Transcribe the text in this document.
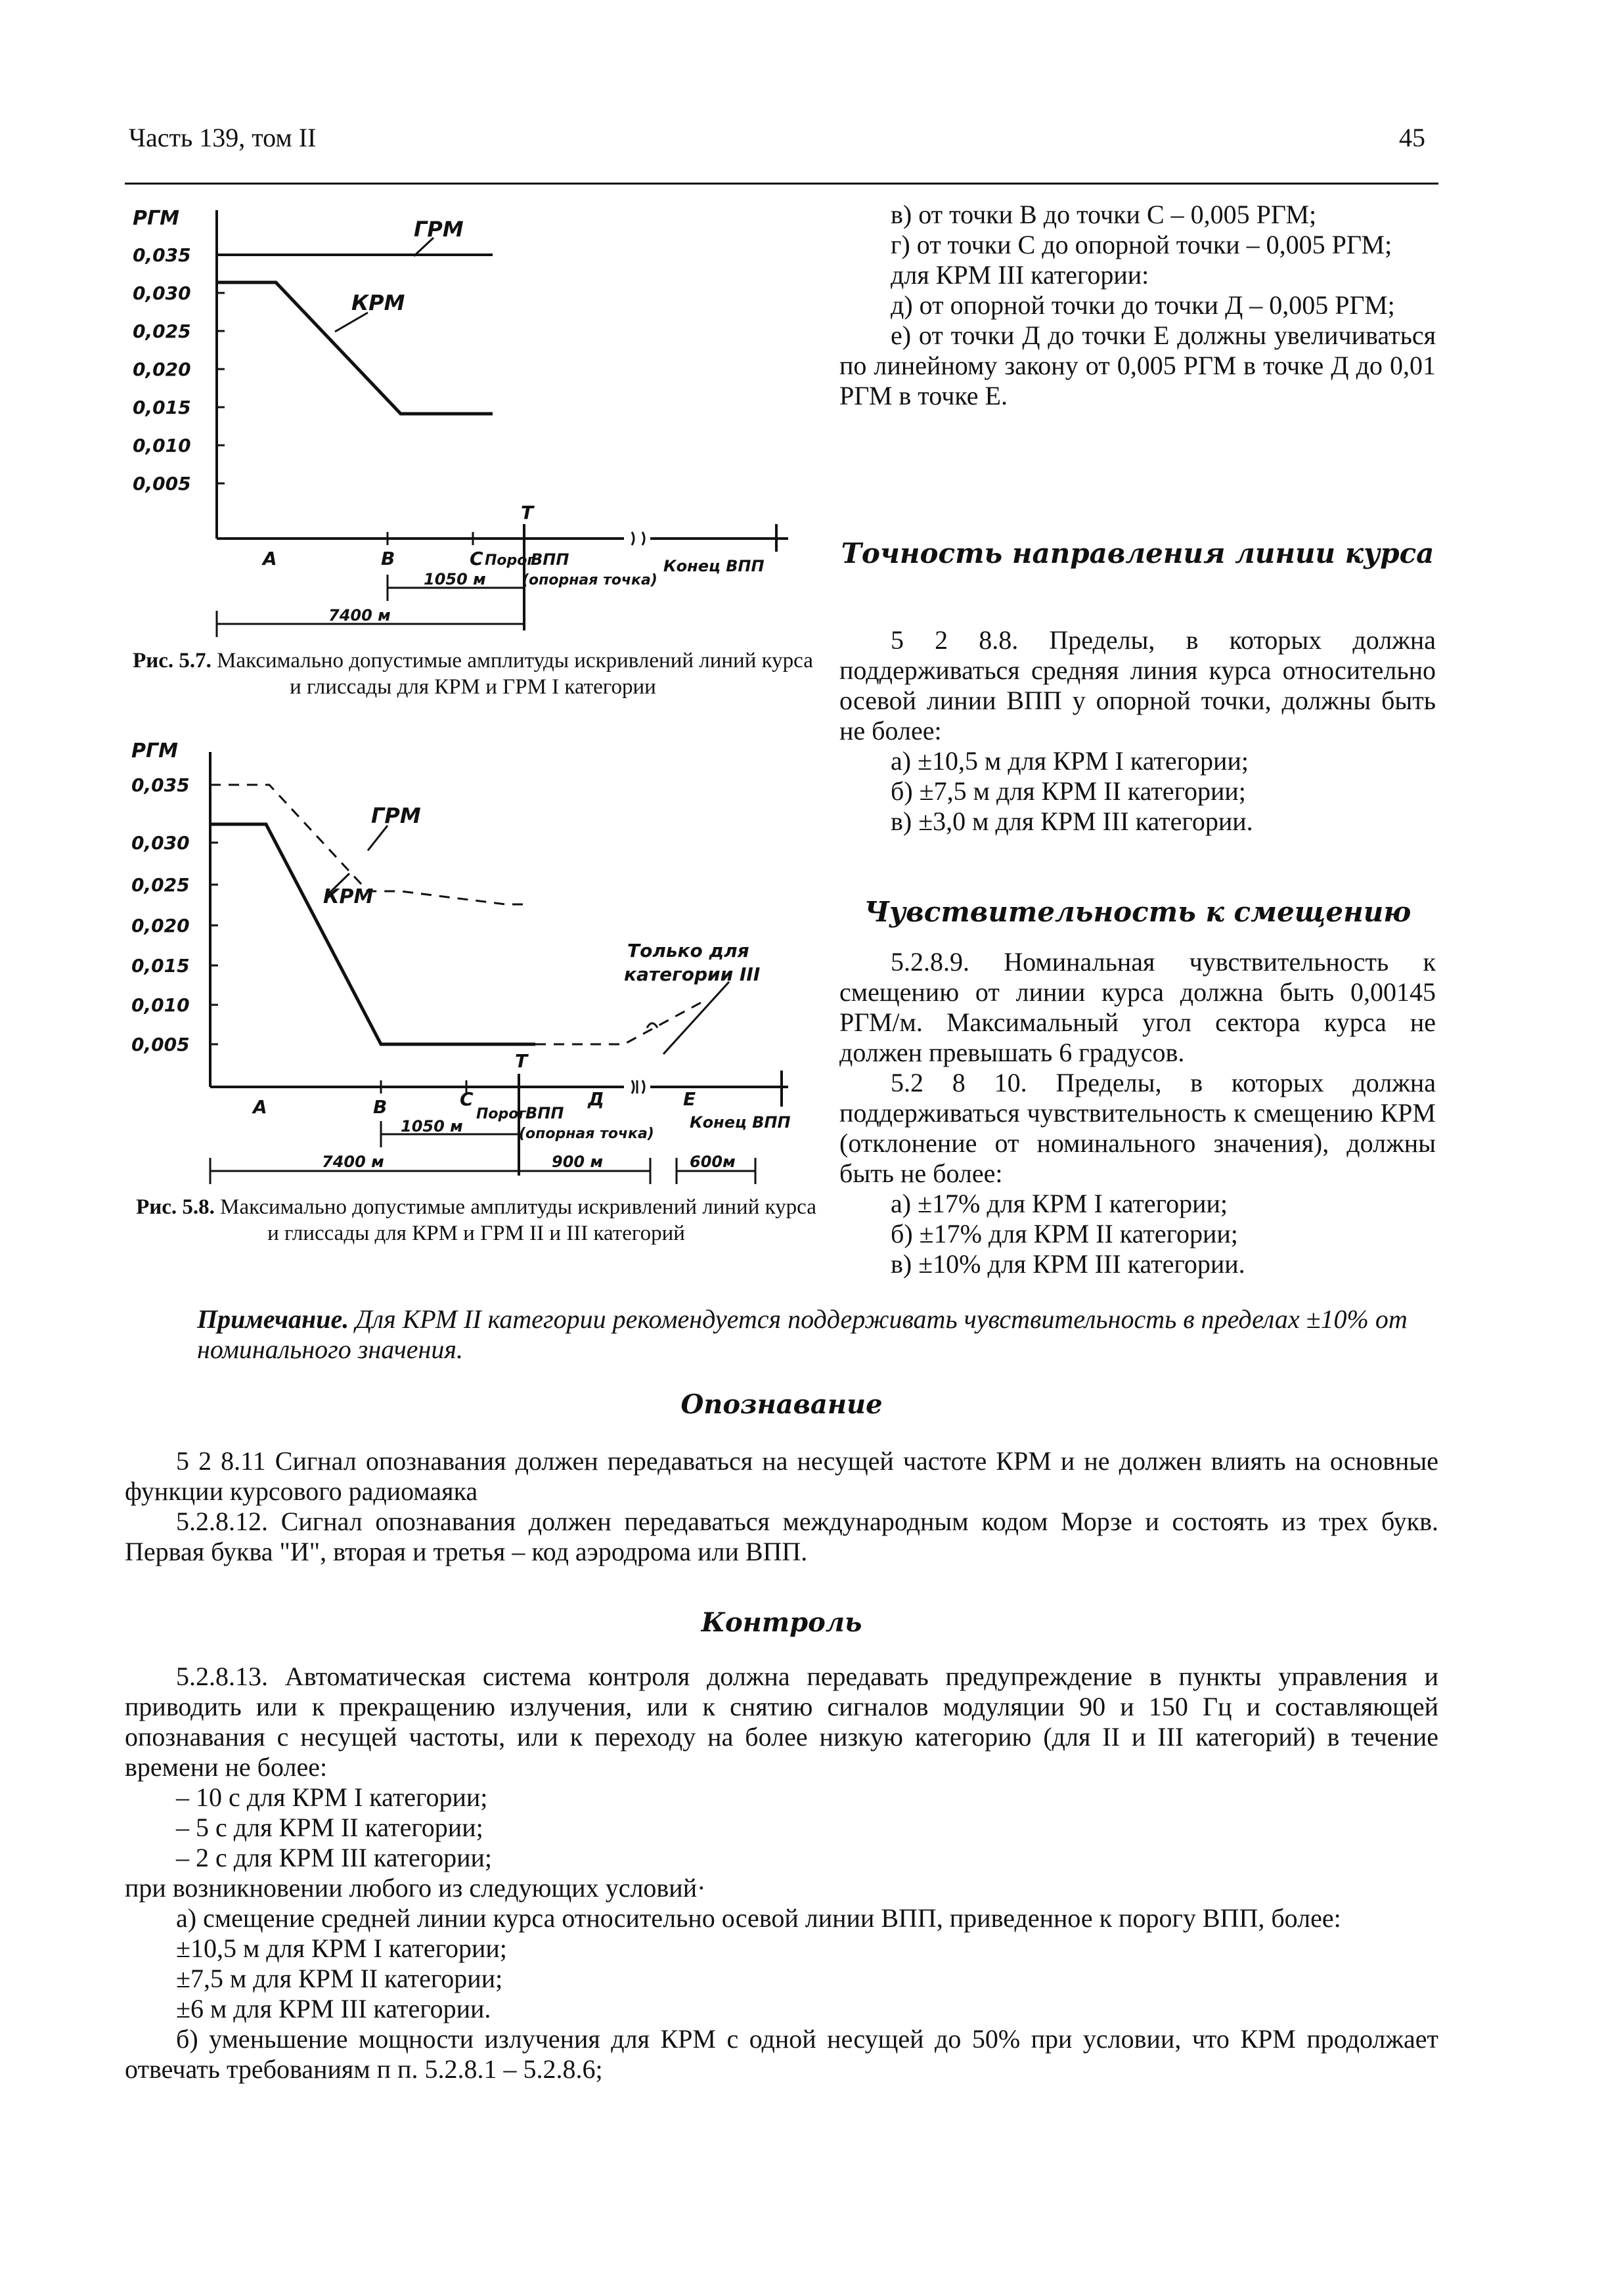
Часть 139, том II	45
РГМ
0,035
0,030
0,025
0,020
0,015
0,010
0,005
ГРМ
КРМ
Т
А	В	С Порог
ВПП
(опорная точка)
Конец ВПП
1050 м
7400 м
Рис. 5.7. Максимально допустимые амплитуды искривлений линий курса и глиссады для КРМ и ГРМ I категории
РГМ
0,035
0,030
0,025
0,020
0,015
0,010
0,005
ГРМ
КРМ
Только для
категории III
Т
А	В	С
Порог ВПП
Д
(опорная точка)
Е
Конец ВПП
1050 м
7400 м	900 м	600м
Рис. 5.8. Максимально допустимые амплитуды искривлений линий курса и глиссады для КРМ и ГРМ II и III категорий

в) от точки В до точки С – 0,005 РГМ;

г) от точки С до опорной точки – 0,005 РГМ;

для КРМ III категории:

д) от опорной точки до точки Д – 0,005 РГМ;

е) от точки Д до точки Е должны увеличиваться по линейному закону от 0,005 РГМ в точке Д до 0,01 РГМ в точке Е.

Точность направления линии курса

5 2 8.8. Пределы, в которых должна поддерживаться средняя линия курса относительно осевой линии ВПП у опорной точки, должны быть не более:

а) ±10,5 м для КРМ I категории;

б) ±7,5 м для КРМ II категории;

в) ±3,0 м для КРМ III категории.

Чувствительность к смещению

5.2.8.9. Номинальная чувствительность к смещению от линии курса должна быть 0,00145 РГМ/м. Максимальный угол сектора курса не должен превышать 6 градусов.

5.2 8 10. Пределы, в которых должна поддерживаться чувствительность к смещению КРМ (отклонение от номинального значения), должны быть не более:

а) ±17% для КРМ I категории;

б) ±17% для КРМ II категории;

в) ±10% для КРМ III категории.

Примечание. Для КРМ II категории рекомендуется поддерживать чувствительность в пределах ±10% от номинального значения.
Опознавание

5 2 8.11 Сигнал опознавания должен передаваться на несущей частоте КРМ и не должен влиять на основные функции курсового радиомаяка

5.2.8.12. Сигнал опознавания должен передаваться международным кодом Морзе и состоять из трех букв. Первая буква "И", вторая и третья – код аэродрома или ВПП.

Контроль

5.2.8.13. Автоматическая система контроля должна передавать предупреждение в пункты управления и приводить или к прекращению излучения, или к снятию сигналов модуляции 90 и 150 Гц и составляющей опознавания с несущей частоты, или к переходу на более низкую категорию (для II и III категорий) в течение времени не более:

– 10 с для КРМ I категории;

– 5 с для КРМ II категории;

– 2 с для КРМ III категории;

при возникновении любого из следующих условий·

а) смещение средней линии курса относительно осевой линии ВПП, приведенное к порогу ВПП, более:

±10,5 м для КРМ I категории;

±7,5 м для КРМ II категории;

±6 м для КРМ III категории.

б) уменьшение мощности излучения для КРМ с одной несущей до 50% при условии, что КРМ продолжает отвечать требованиям п п. 5.2.8.1 – 5.2.8.6;
